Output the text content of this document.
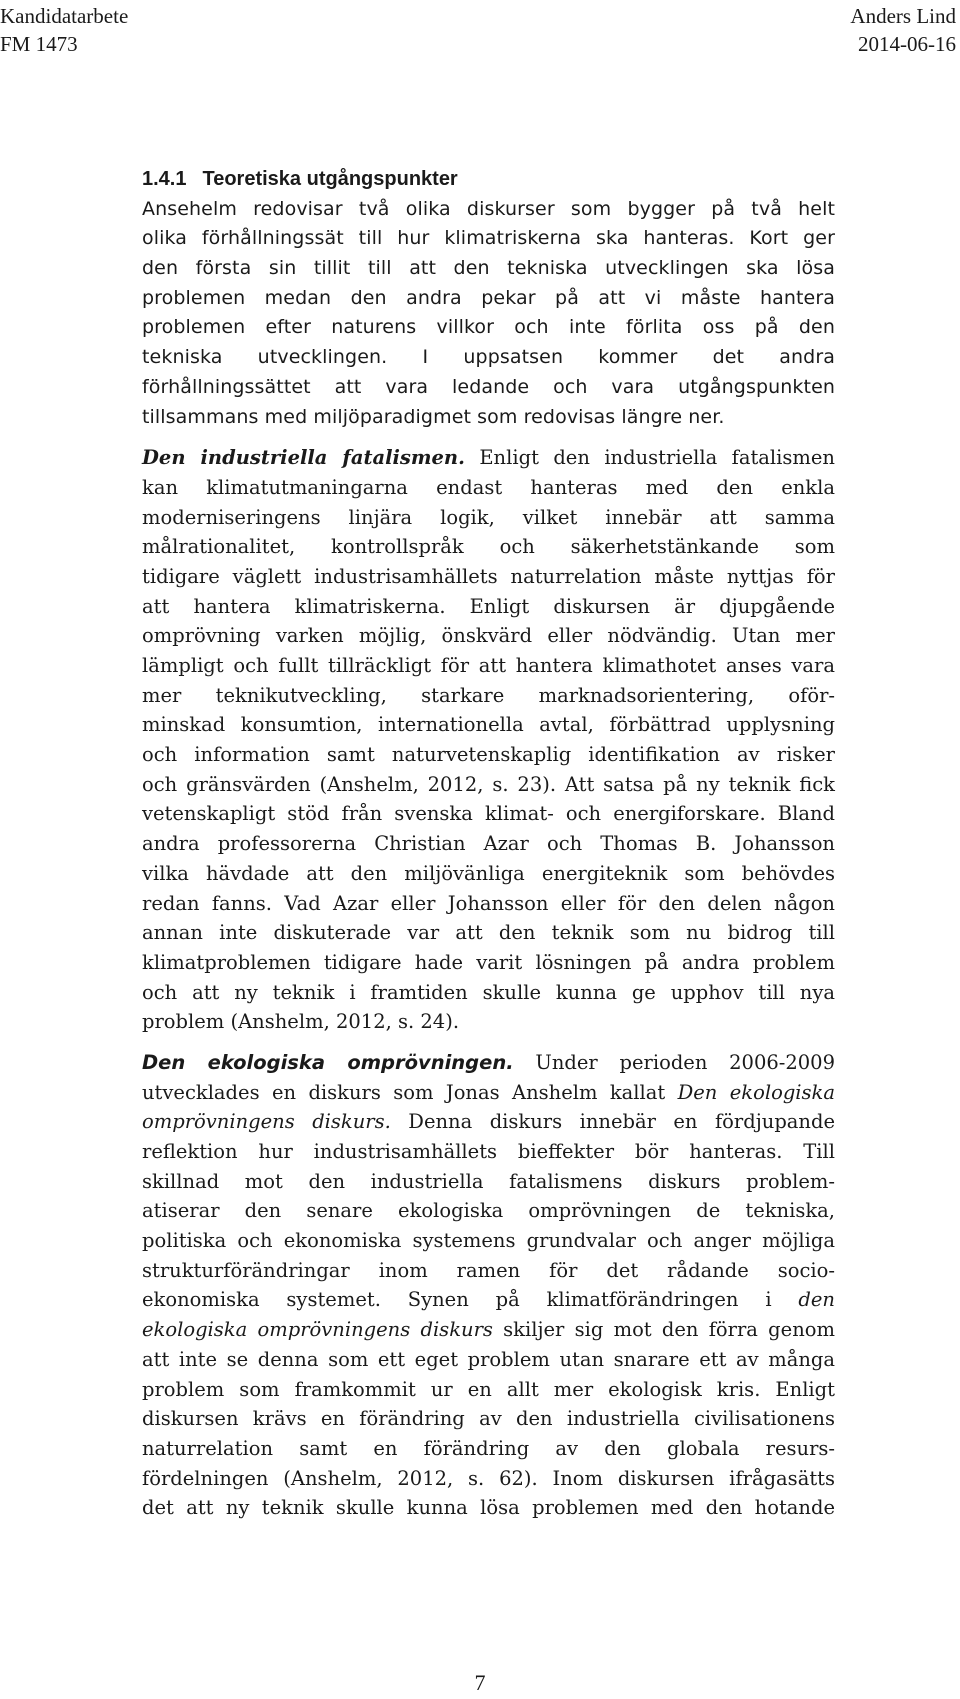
Kandidatarbete
FM 1473
Anders Lind
2014-06-16
1.4.1 Teoretiska utgångspunkter
Ansehelm redovisar två olika diskurser som bygger på två helt
olika förhållningssät till hur klimatriskerna ska hanteras. Kort ger
den första sin tillit till att den tekniska utvecklingen ska lösa
problemen medan den andra pekar på att vi måste hantera
problemen efter naturens villkor och inte förlita oss på den
tekniska utvecklingen. I uppsatsen kommer det andra
förhållningssättet att vara ledande och vara utgångspunkten
tillsammans med miljöparadigmet som redovisas längre ner.
Den industriella fatalismen. Enligt den industriella fatalismen
kan klimatutmaningarna endast hanteras med den enkla
moderniseringens linjära logik, vilket innebär att samma
målrationalitet, kontrollspråk och säkerhetstänkande som
tidigare väglett industrisamhällets naturrelation måste nyttjas för
att hantera klimatriskerna. Enligt diskursen är djupgående
omprövning varken möjlig, önskvärd eller nödvändig. Utan mer
lämpligt och fullt tillräckligt för att hantera klimathotet anses vara
mer teknikutveckling, starkare marknadsorientering, oför-
minskad konsumtion, internationella avtal, förbättrad upplysning
och information samt naturvetenskaplig identifikation av risker
och gränsvärden (Anshelm, 2012, s. 23). Att satsa på ny teknik fick
vetenskapligt stöd från svenska klimat- och energiforskare. Bland
andra professorerna Christian Azar och Thomas B. Johansson
vilka hävdade att den miljövänliga energiteknik som behövdes
redan fanns. Vad Azar eller Johansson eller för den delen någon
annan inte diskuterade var att den teknik som nu bidrog till
klimatproblemen tidigare hade varit lösningen på andra problem
och att ny teknik i framtiden skulle kunna ge upphov till nya
problem (Anshelm, 2012, s. 24).
Den ekologiska omprövningen. Under perioden 2006-2009
utvecklades en diskurs som Jonas Anshelm kallat Den ekologiska
omprövningens diskurs. Denna diskurs innebär en fördjupande
reflektion hur industrisamhällets bieffekter bör hanteras. Till
skillnad mot den industriella fatalismens diskurs problem-
atiserar den senare ekologiska omprövningen de tekniska,
politiska och ekonomiska systemens grundvalar och anger möjliga
strukturförändringar inom ramen för det rådande socio-
ekonomiska systemet. Synen på klimatförändringen i den
ekologiska omprövningens diskurs skiljer sig mot den förra genom
att inte se denna som ett eget problem utan snarare ett av många
problem som framkommit ur en allt mer ekologisk kris. Enligt
diskursen krävs en förändring av den industriella civilisationens
naturrelation samt en förändring av den globala resurs-
fördelningen (Anshelm, 2012, s. 62). Inom diskursen ifrågasätts
det att ny teknik skulle kunna lösa problemen med den hotande
7
